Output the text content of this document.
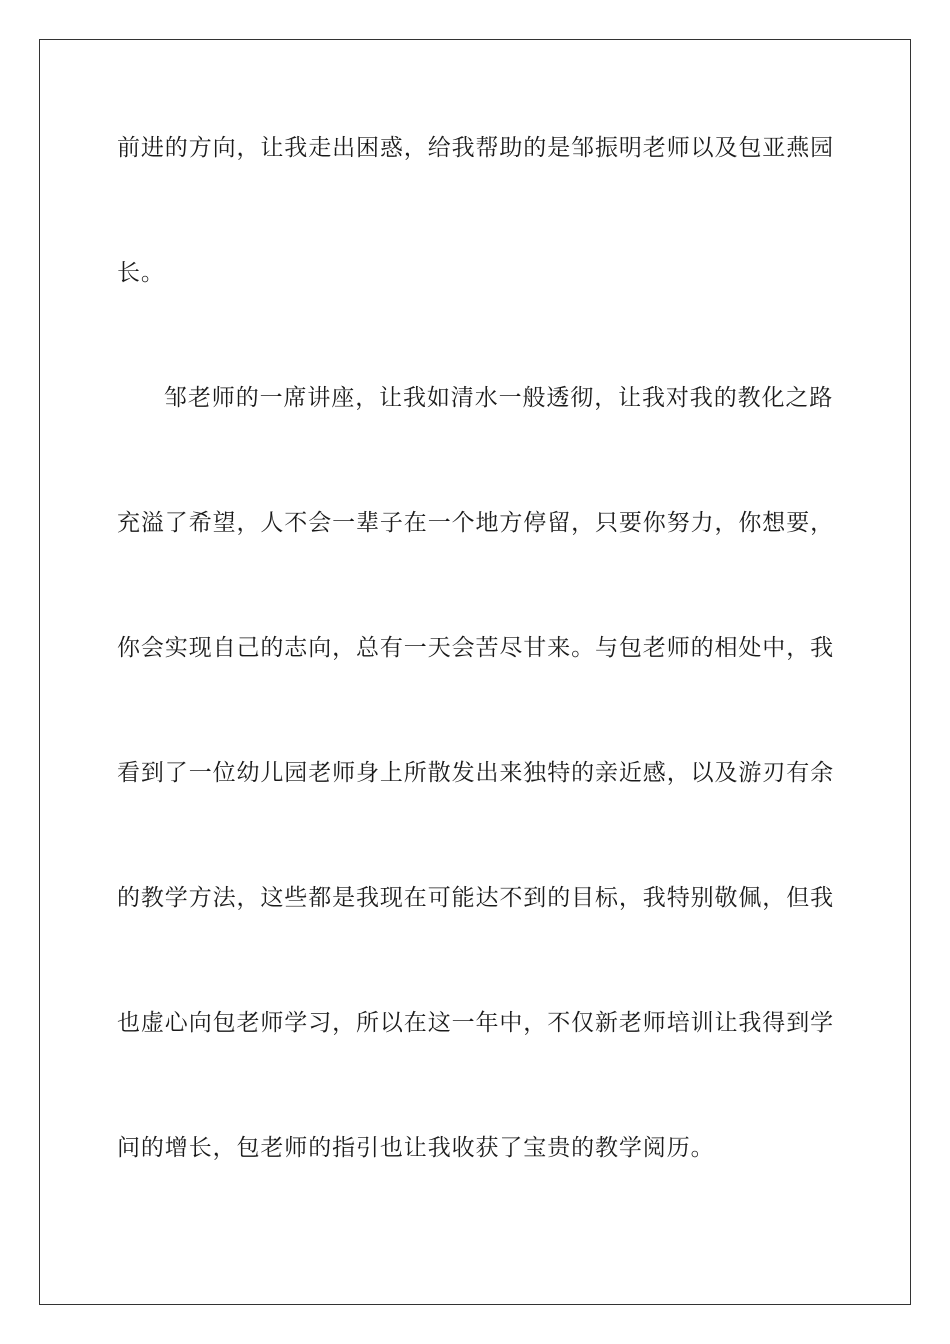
前进的方向，让我走出困惑，给我帮助的是邹振明老师以及包亚燕园
长。
邹老师的一席讲座，让我如清水一般透彻，让我对我的教化之路
充溢了希望，人不会一辈子在一个地方停留，只要你努力，你想要，
你会实现自己的志向，总有一天会苦尽甘来。与包老师的相处中，我
看到了一位幼儿园老师身上所散发出来独特的亲近感，以及游刃有余
的教学方法，这些都是我现在可能达不到的目标，我特别敬佩，但我
也虚心向包老师学习，所以在这一年中，不仅新老师培训让我得到学
问的增长，包老师的指引也让我收获了宝贵的教学阅历。
